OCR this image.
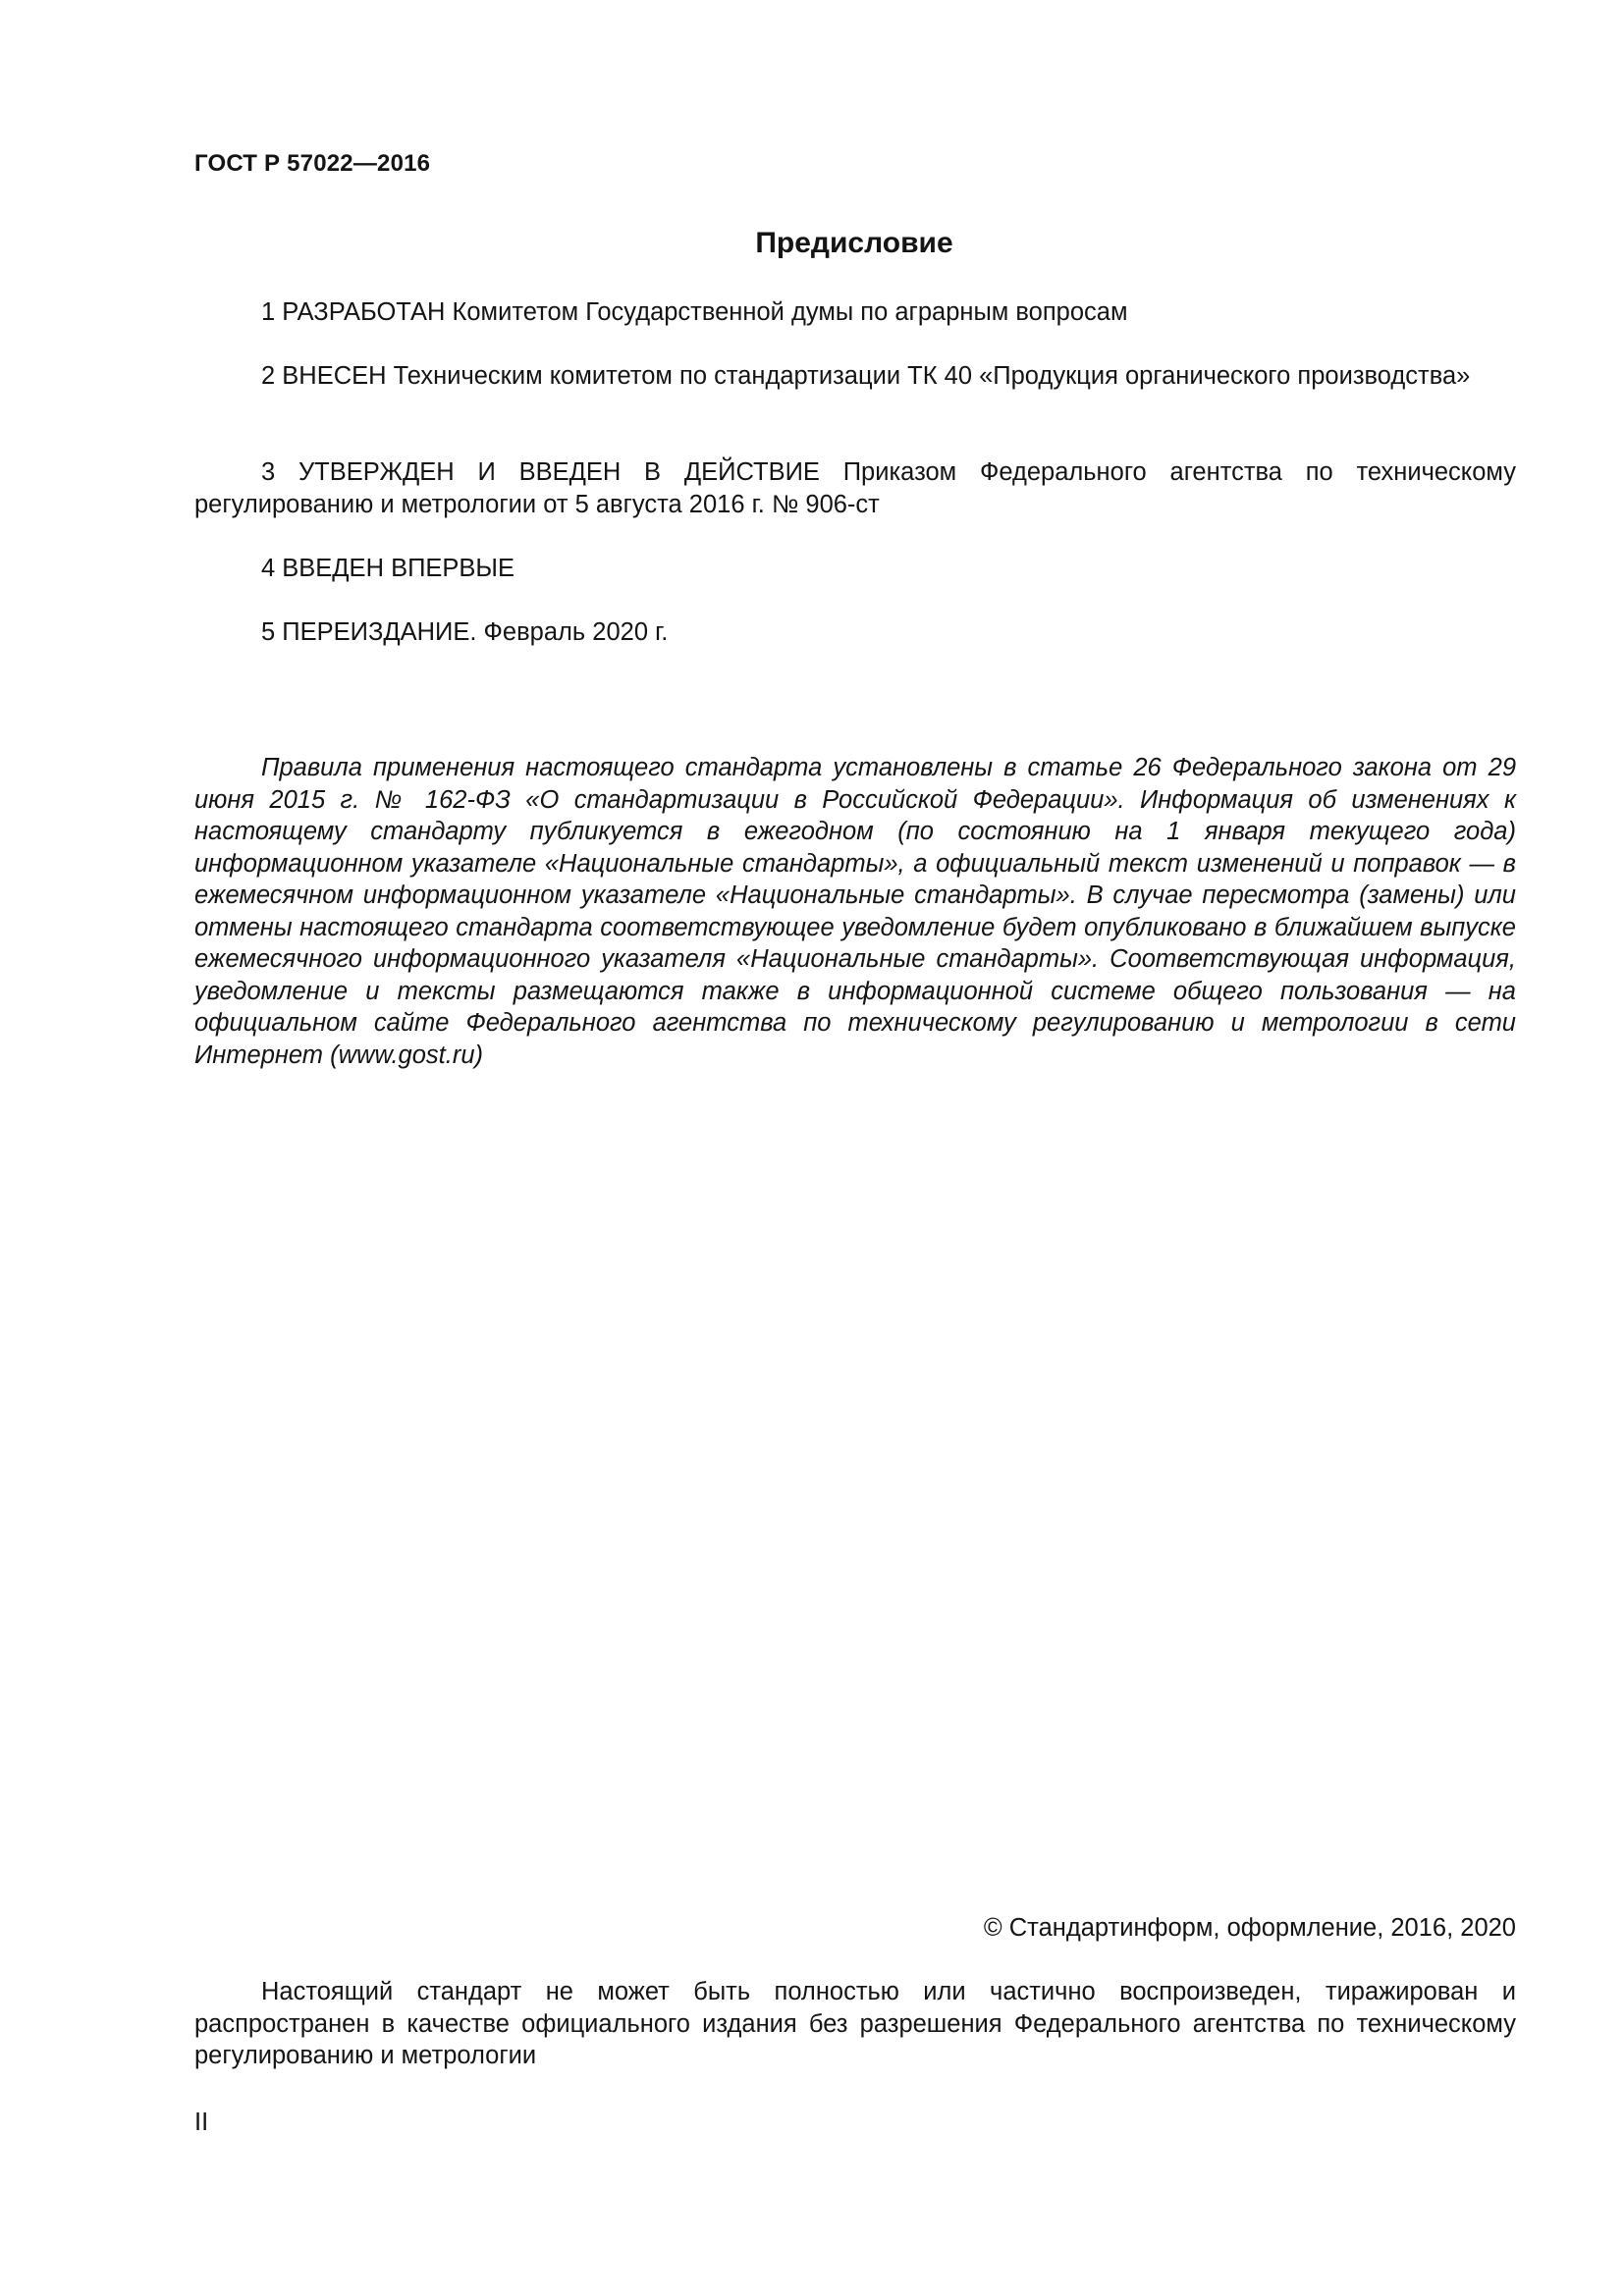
ГОСТ Р 57022—2016
Предисловие

1 РАЗРАБОТАН Комитетом Государственной думы по аграрным вопросам

2 ВНЕСЕН Техническим комитетом по стандартизации ТК 40 «Продукция органического производства»

3 УТВЕРЖДЕН И ВВЕДЕН В ДЕЙСТВИЕ Приказом Федерального агентства по техническому регулированию и метрологии от 5 августа 2016 г. № 906-ст

4 ВВЕДЕН ВПЕРВЫЕ

5 ПЕРЕИЗДАНИЕ. Февраль 2020 г.

Правила применения настоящего стандарта установлены в статье 26 Федерального закона от 29 июня 2015 г. № 162-ФЗ «О стандартизации в Российской Федерации». Информация об изменениях к настоящему стандарту публикуется в ежегодном (по состоянию на 1 января текущего года) информационном указателе «Национальные стандарты», а официальный текст изменений и поправок — в ежемесячном информационном указателе «Национальные стандарты». В случае пересмотра (замены) или отмены настоящего стандарта соответствующее уведомление будет опубликовано в ближайшем выпуске ежемесячного информационного указателя «Национальные стандарты». Соответствующая информация, уведомление и тексты размещаются также в информационной системе общего пользования — на официальном сайте Федерального агентства по техническому регулированию и метрологии в сети Интернет (www.gost.ru)

© Стандартинформ, оформление, 2016, 2020

Настоящий стандарт не может быть полностью или частично воспроизведен, тиражирован и распространен в качестве официального издания без разрешения Федерального агентства по техническому регулированию и метрологии

II
